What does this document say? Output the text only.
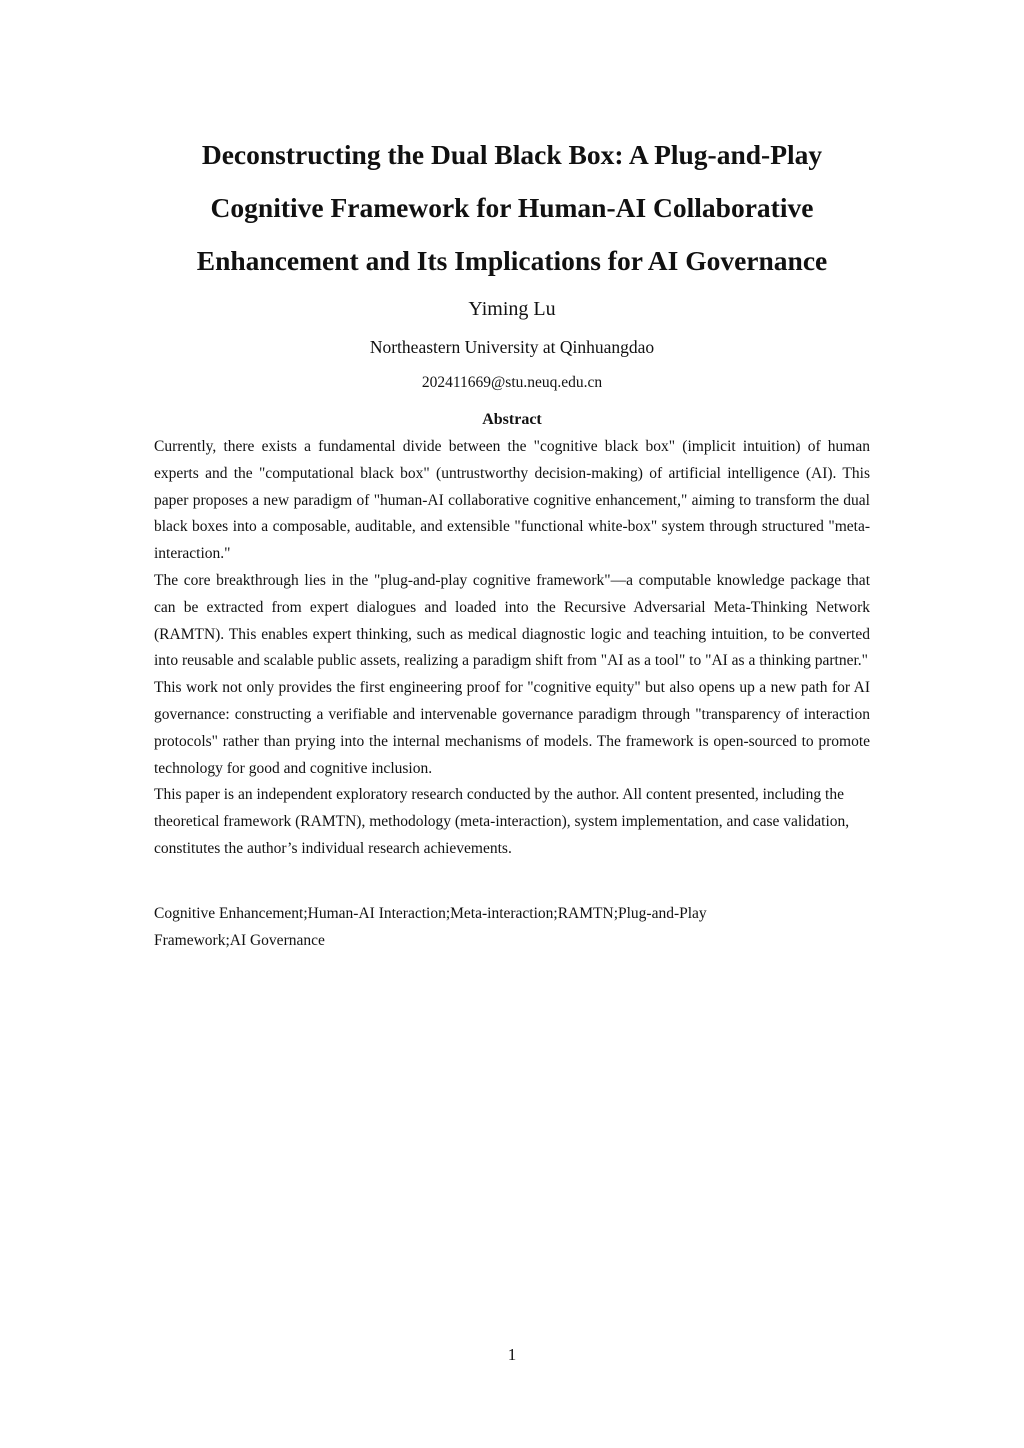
Deconstructing the Dual Black Box: A Plug-and-Play
Cognitive Framework for Human-AI Collaborative
Enhancement and Its Implications for AI Governance
Yiming Lu
Northeastern University at Qinhuangdao
202411669@stu.neuq.edu.cn
Abstract

Currently, there exists a fundamental divide between the "cognitive black box" (implicit intuition) of human experts and the "computational black box" (untrustworthy decision-making) of artificial intelligence (AI). This paper proposes a new paradigm of "human-AI collaborative cognitive enhancement," aiming to transform the dual black boxes into a composable, auditable, and extensible "functional white-box" system through structured "meta-interaction."

The core breakthrough lies in the "plug-and-play cognitive framework"—a computable knowledge package that can be extracted from expert dialogues and loaded into the Recursive Adversarial Meta-Thinking Network (RAMTN). This enables expert thinking, such as medical diagnostic logic and teaching intuition, to be converted into reusable and scalable public assets, realizing a paradigm shift from "AI as a tool" to "AI as a thinking partner."

This work not only provides the first engineering proof for "cognitive equity" but also opens up a new path for AI governance: constructing a verifiable and intervenable governance paradigm through "transparency of interaction protocols" rather than prying into the internal mechanisms of models. The framework is open-sourced to promote technology for good and cognitive inclusion.

This paper is an independent exploratory research conducted by the author. All content presented, including the theoretical framework (RAMTN), methodology (meta-interaction), system implementation, and case validation, constitutes the author’s individual research achievements.

Cognitive Enhancement;Human-AI Interaction;Meta-interaction;RAMTN;Plug-and-Play Framework;AI Governance
1
